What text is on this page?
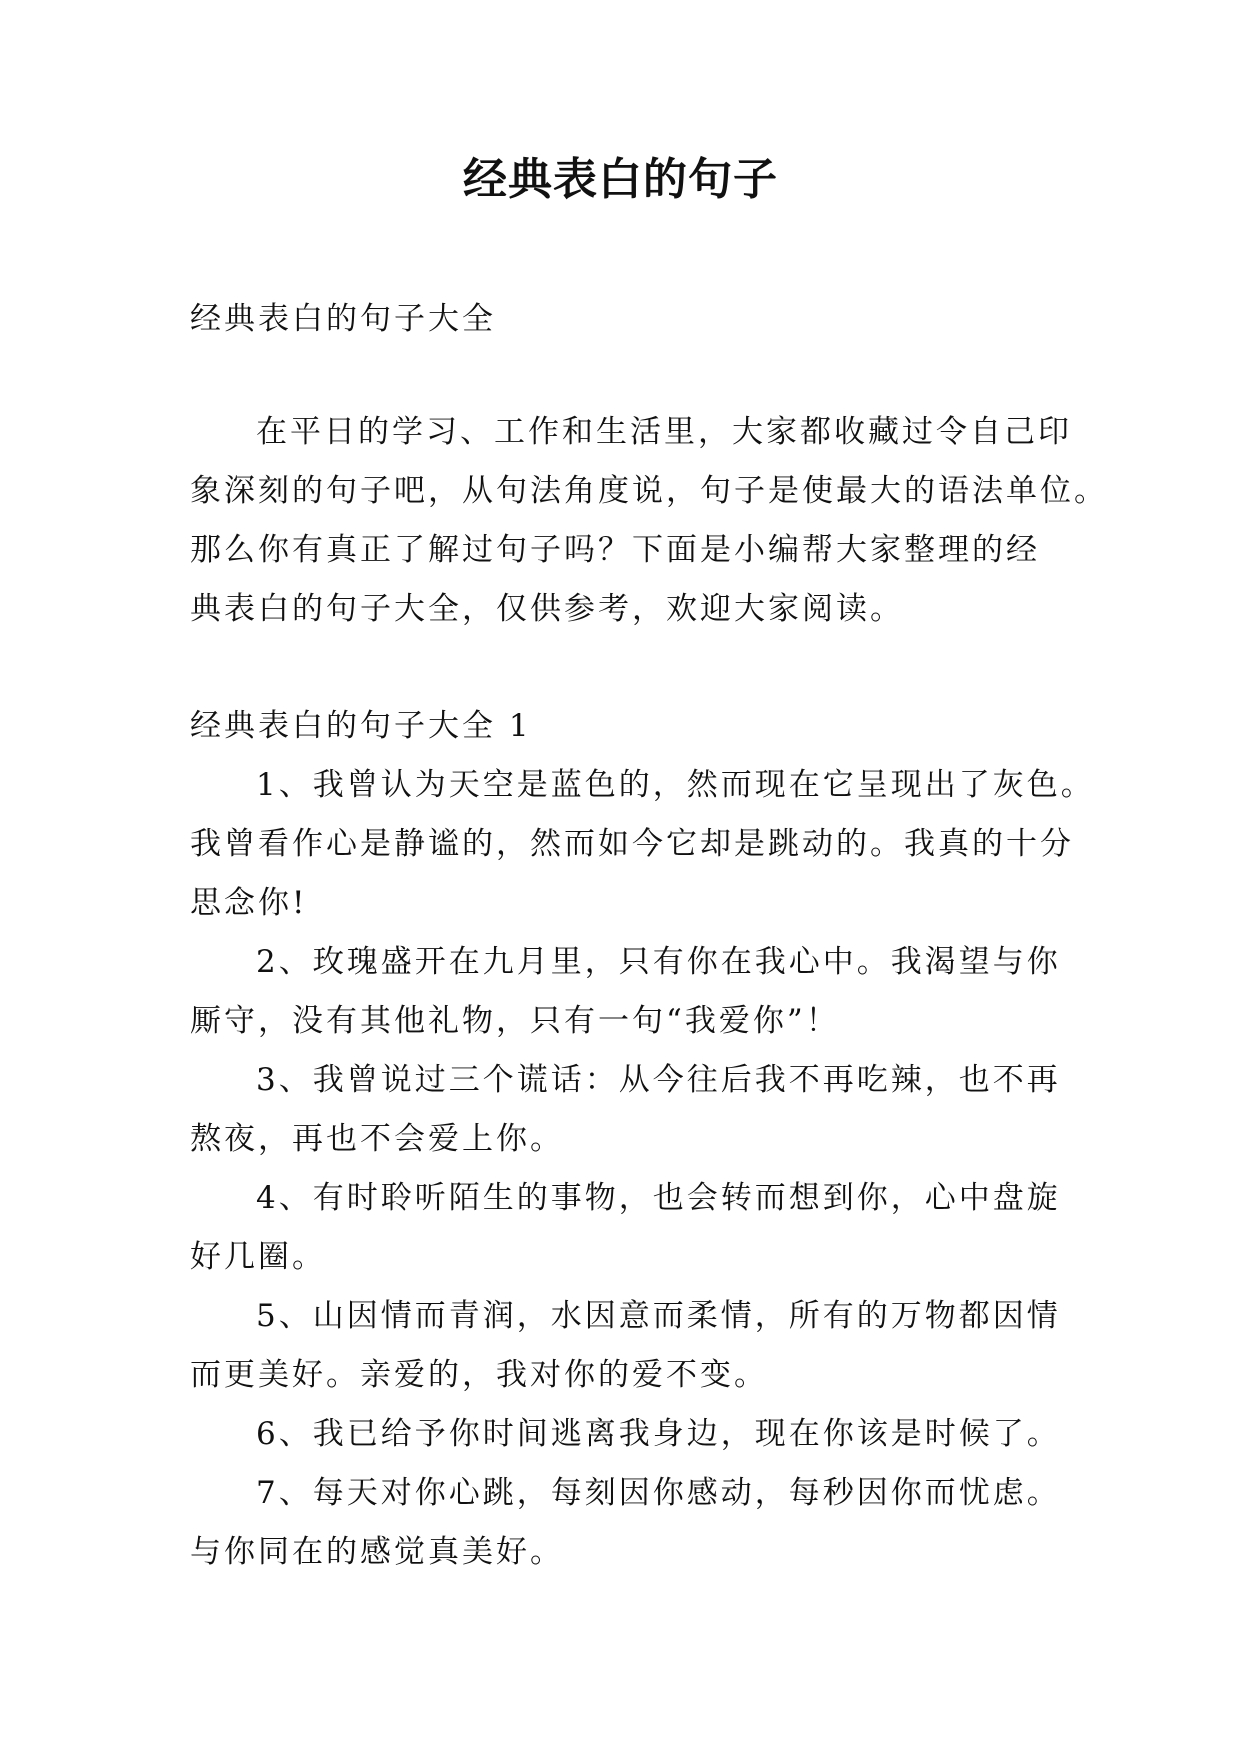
经典表白的句子

经典表白的句子大全

在平日的学习、工作和生活里，大家都收藏过令自己印
象深刻的句子吧，从句法角度说，句子是使最大的语法单位。
那么你有真正了解过句子吗？下面是小编帮大家整理的经
典表白的句子大全，仅供参考，欢迎大家阅读。
经典表白的句子大全 1
1、我曾认为天空是蓝色的，然而现在它呈现出了灰色。
我曾看作心是静谧的，然而如今它却是跳动的。我真的十分
思念你!
2、玫瑰盛开在九月里，只有你在我心中。我渴望与你
厮守，没有其他礼物，只有一句“我爱你”！
3、我曾说过三个谎话：从今往后我不再吃辣，也不再
熬夜，再也不会爱上你。
4、有时聆听陌生的事物，也会转而想到你，心中盘旋
好几圈。
5、山因情而青润，水因意而柔情，所有的万物都因情
而更美好。亲爱的，我对你的爱不变。
6、我已给予你时间逃离我身边，现在你该是时候了。
7、每天对你心跳，每刻因你感动，每秒因你而忧虑。
与你同在的感觉真美好。
